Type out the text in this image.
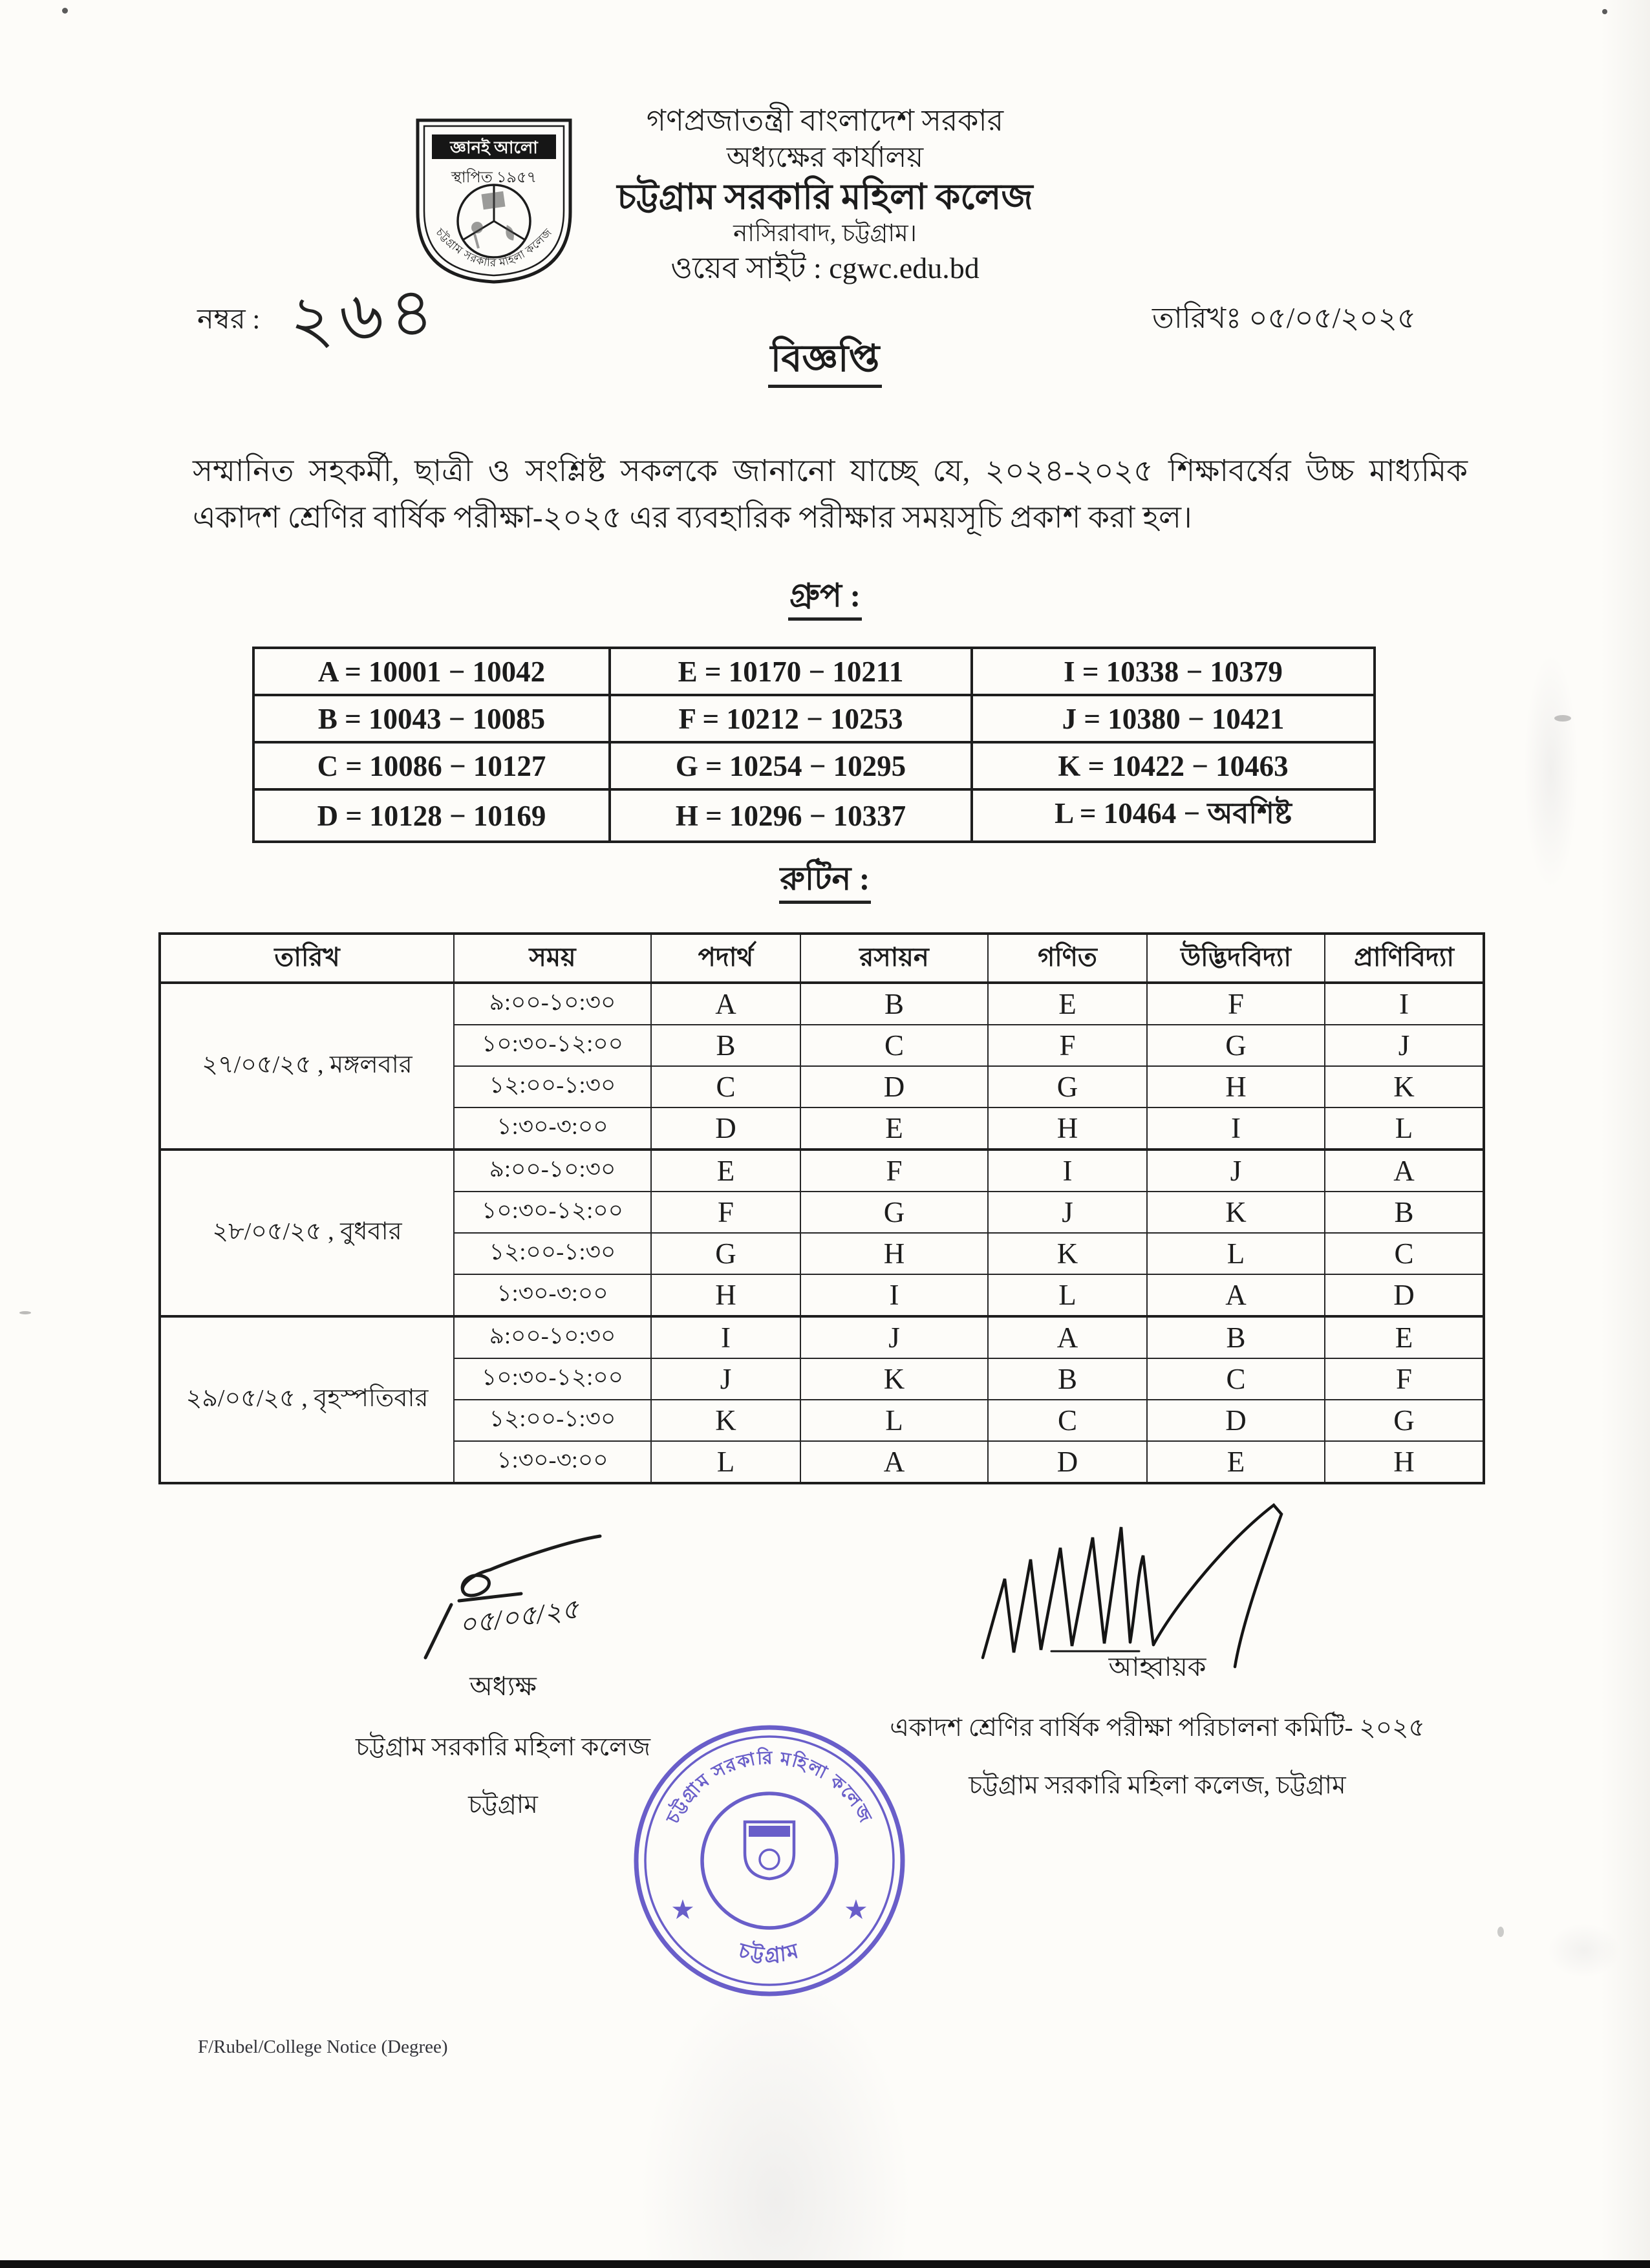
জ্ঞানই আলো
স্থাপিত ১৯৫৭
চট্টগ্রাম সরকারি মহিলা কলেজ
গণপ্রজাতন্ত্রী বাংলাদেশ সরকার
অধ্যক্ষের কার্যালয়
চট্টগ্রাম সরকারি মহিলা কলেজ
নাসিরাবাদ, চট্টগ্রাম।
ওয়েব সাইট : cgwc.edu.bd
নম্বর : ২৬৪	তারিখঃ ০৫/০৫/২০২৫
বিজ্ঞপ্তি
সম্মানিত সহকর্মী, ছাত্রী ও সংশ্লিষ্ট সকলকে জানানো যাচ্ছে যে, ২০২৪-২০২৫ শিক্ষাবর্ষের উচ্চ মাধ্যমিক একাদশ শ্রেণির বার্ষিক পরীক্ষা-২০২৫ এর ব্যবহারিক পরীক্ষার সময়সূচি প্রকাশ করা হল।
গ্রুপ :
A = 10001 − 10042	E = 10170 − 10211	I = 10338 − 10379
B = 10043 − 10085	F = 10212 − 10253	J = 10380 − 10421
C = 10086 − 10127	G = 10254 − 10295	K = 10422 − 10463
D = 10128 − 10169	H = 10296 − 10337	L = 10464 − অবশিষ্ট
রুটিন :
তারিখ	সময়	পদার্থ	রসায়ন	গণিত	উদ্ভিদবিদ্যা	প্রাণিবিদ্যা
২৭/০৫/২৫ , মঙ্গলবার	৯:০০-১০:৩০	A	B	E	F	I
	১০:৩০-১২:০০	B	C	F	G	J
	১২:০০-১:৩০	C	D	G	H	K
	১:৩০-৩:০০	D	E	H	I	L
২৮/০৫/২৫ , বুধবার	৯:০০-১০:৩০	E	F	I	J	A
	১০:৩০-১২:০০	F	G	J	K	B
	১২:০০-১:৩০	G	H	K	L	C
	১:৩০-৩:০০	H	I	L	A	D
২৯/০৫/২৫ , বৃহস্পতিবার	৯:০০-১০:৩০	I	J	A	B	E
	১০:৩০-১২:০০	J	K	B	C	F
	১২:০০-১:৩০	K	L	C	D	G
	১:৩০-৩:০০	L	A	D	E	H
০৫/০৫/২৫
অধ্যক্ষ
চট্টগ্রাম সরকারি মহিলা কলেজ
চট্টগ্রাম
আহ্বায়ক
একাদশ শ্রেণির বার্ষিক পরীক্ষা পরিচালনা কমিটি- ২০২৫
চট্টগ্রাম সরকারি মহিলা কলেজ, চট্টগ্রাম
চট্টগ্রাম সরকারি মহিলা কলেজ
চট্টগ্রাম
★	★
F/Rubel/College Notice (Degree)
